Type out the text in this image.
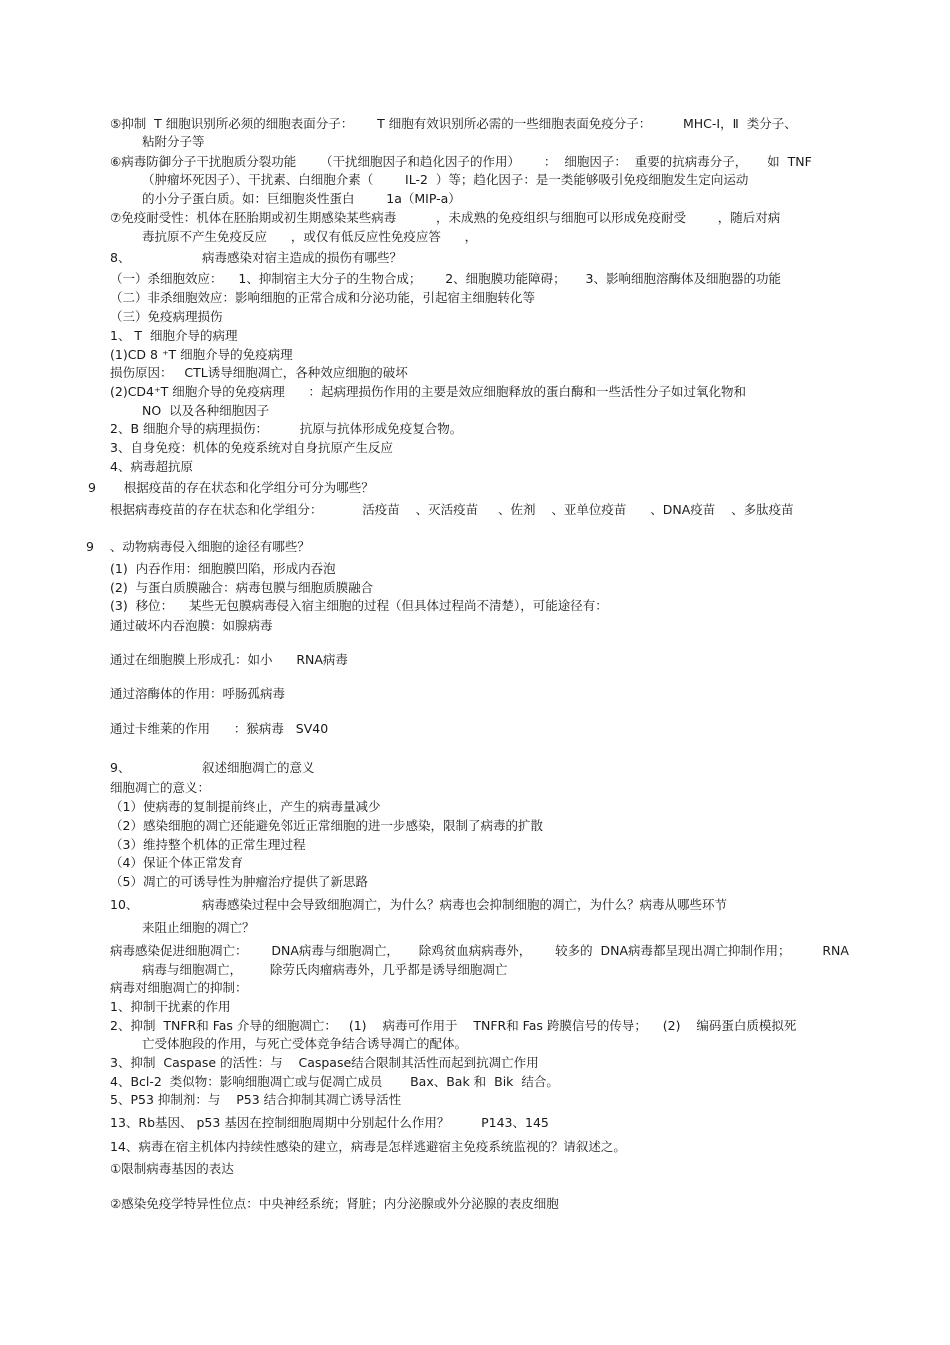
⑤抑制  T 细胞识别所必须的细胞表面分子：      T 细胞有效识别所必需的一些细胞表面免疫分子：        MHC-Ⅰ，Ⅱ  类分子、
粘附分子等
⑥病毒防御分子干扰胞质分裂功能      （干扰细胞因子和趋化因子的作用）      ：  细胞因子：  重要的抗病毒分子，     如  TNF
（肿瘤坏死因子）、干扰素、白细胞介素（        IL-2  ）等；趋化因子：是一类能够吸引免疫细胞发生定向运动
的小分子蛋白质。如：巨细胞炎性蛋白        1a（MIP-a）
⑦免疫耐受性：机体在胚胎期或初生期感染某些病毒          ，未成熟的免疫组织与细胞可以形成免疫耐受        ，随后对病
毒抗原不产生免疫反应      ，或仅有低反应性免疫应答      ，
8、                  病毒感染对宿主造成的损伤有哪些？
（一）杀细胞效应：    1、抑制宿主大分子的生物合成；      2、细胞膜功能障碍；     3、影响细胞溶酶体及细胞器的功能
（二）非杀细胞效应：影响细胞的正常合成和分泌功能，引起宿主细胞转化等
（三）免疫病理损伤
1、 T  细胞介导的病理
(1)CD 8 ⁺T 细胞介导的免疫病理
损伤原因：   CTL诱导细胞凋亡，各种效应细胞的破坏
(2)CD4⁺T 细胞介导的免疫病理      ：起病理损伤作用的主要是效应细胞释放的蛋白酶和一些活性分子如过氧化物和
NO  以及各种细胞因子
2、B 细胞介导的病理损伤：        抗原与抗体形成免疫复合物。
3、自身免疫：机体的免疫系统对自身抗原产生反应
4、病毒超抗原
9       根据疫苗的存在状态和化学组分可分为哪些？
根据病毒疫苗的存在状态和化学组分：          活疫苗    、灭活疫苗     、佐剂    、亚单位疫苗      、DNA疫苗    、多肽疫苗
9    、动物病毒侵入细胞的途径有哪些？
(1)  内吞作用：细胞膜凹陷，形成内吞泡
(2)  与蛋白质膜融合：病毒包膜与细胞质膜融合
(3)  移位：    某些无包膜病毒侵入宿主细胞的过程（但具体过程尚不清楚），可能途径有：
通过破坏内吞泡膜：如腺病毒
通过在细胞膜上形成孔：如小      RNA病毒
通过溶酶体的作用：呼肠孤病毒
通过卡维莱的作用      ：猴病毒   SV40
9、                  叙述细胞凋亡的意义
细胞凋亡的意义：
（1）使病毒的复制提前终止，产生的病毒量减少
（2）感染细胞的凋亡还能避免邻近正常细胞的进一步感染，限制了病毒的扩散
（3）维持整个机体的正常生理过程
（4）保证个体正常发育
（5）凋亡的可诱导性为肿瘤治疗提供了新思路
10、                病毒感染过程中会导致细胞凋亡，为什么？病毒也会抑制细胞的凋亡，为什么？病毒从哪些环节
来阻止细胞的凋亡？
病毒感染促进细胞凋亡：      DNA病毒与细胞凋亡，     除鸡贫血病病毒外，      较多的  DNA病毒都呈现出凋亡抑制作用；        RNA
病毒与细胞凋亡，       除劳氏肉瘤病毒外，几乎都是诱导细胞凋亡
病毒对细胞凋亡的抑制：
1、抑制干扰素的作用
2、抑制  TNFR和 Fas 介导的细胞凋亡：   (1)    病毒可作用于    TNFR和 Fas 跨膜信号的传导；    (2)    编码蛋白质模拟死
亡受体胞段的作用，与死亡受体竞争结合诱导凋亡的配体。
3、抑制  Caspase 的活性：与    Caspase结合限制其活性而起到抗凋亡作用
4、Bcl-2  类似物：影响细胞凋亡或与促凋亡成员       Bax、Bak 和  Bik  结合。
5、P53 抑制剂：与    P53 结合抑制其凋亡诱导活性
13、Rb基因、 p53 基因在控制细胞周期中分别起什么作用？        P143、145
14、病毒在宿主机体内持续性感染的建立，病毒是怎样逃避宿主免疫系统监视的？请叙述之。
①限制病毒基因的表达
②感染免疫学特异性位点：中央神经系统；肾脏；内分泌腺或外分泌腺的表皮细胞
